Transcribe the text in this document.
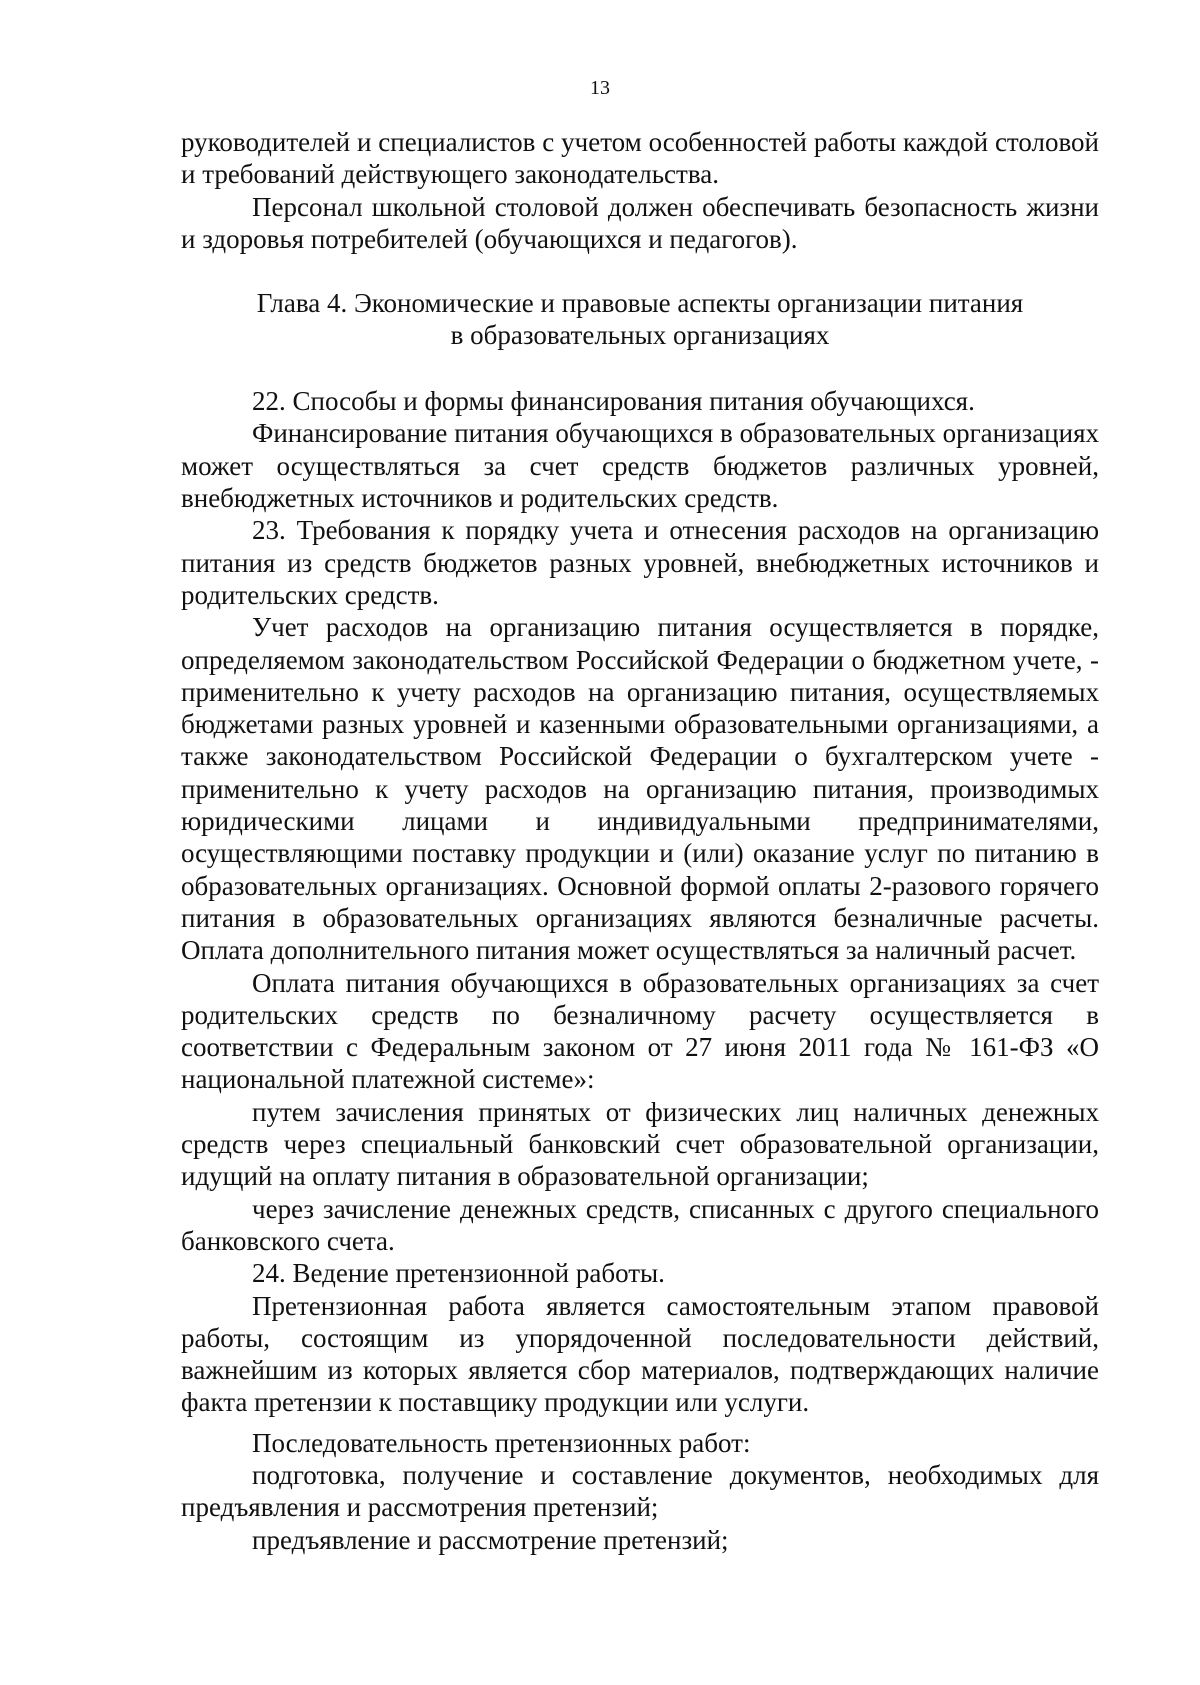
13

руководителей и специалистов с учетом особенностей работы каждой столовой и требований действующего законодательства.

Персонал школьной столовой должен обеспечивать безопасность жизни и здоровья потребителей (обучающихся и педагогов).

Глава 4. Экономические и правовые аспекты организации питания
в образовательных организациях

22. Способы и формы финансирования питания обучающихся.

Финансирование питания обучающихся в образовательных организациях может осуществляться за счет средств бюджетов различных уровней, внебюджетных источников и родительских средств.

23. Требования к порядку учета и отнесения расходов на организацию питания из средств бюджетов разных уровней, внебюджетных источников и родительских средств.

Учет расходов на организацию питания осуществляется в порядке, определяемом законодательством Российской Федерации о бюджетном учете, - применительно к учету расходов на организацию питания, осуществляемых бюджетами разных уровней и казенными образовательными организациями, а также законодательством Российской Федерации о бухгалтерском учете - применительно к учету расходов на организацию питания, производимых юридическими лицами и индивидуальными предпринимателями, осуществляющими поставку продукции и (или) оказание услуг по питанию в образовательных организациях. Основной формой оплаты 2-разового горячего питания в образовательных организациях являются безналичные расчеты. Оплата дополнительного питания может осуществляться за наличный расчет.

Оплата питания обучающихся в образовательных организациях за счет родительских средств по безналичному расчету осуществляется в соответствии с Федеральным законом от 27 июня 2011 года № 161-ФЗ «О национальной платежной системе»:

путем зачисления принятых от физических лиц наличных денежных средств через специальный банковский счет образовательной организации, идущий на оплату питания в образовательной организации;

через зачисление денежных средств, списанных с другого специального банковского счета.

24. Ведение претензионной работы.

Претензионная работа является самостоятельным этапом правовой работы, состоящим из упорядоченной последовательности действий, важнейшим из которых является сбор материалов, подтверждающих наличие факта претензии к поставщику продукции или услуги.

Последовательность претензионных работ:

подготовка, получение и составление документов, необходимых для предъявления и рассмотрения претензий;

предъявление и рассмотрение претензий;
